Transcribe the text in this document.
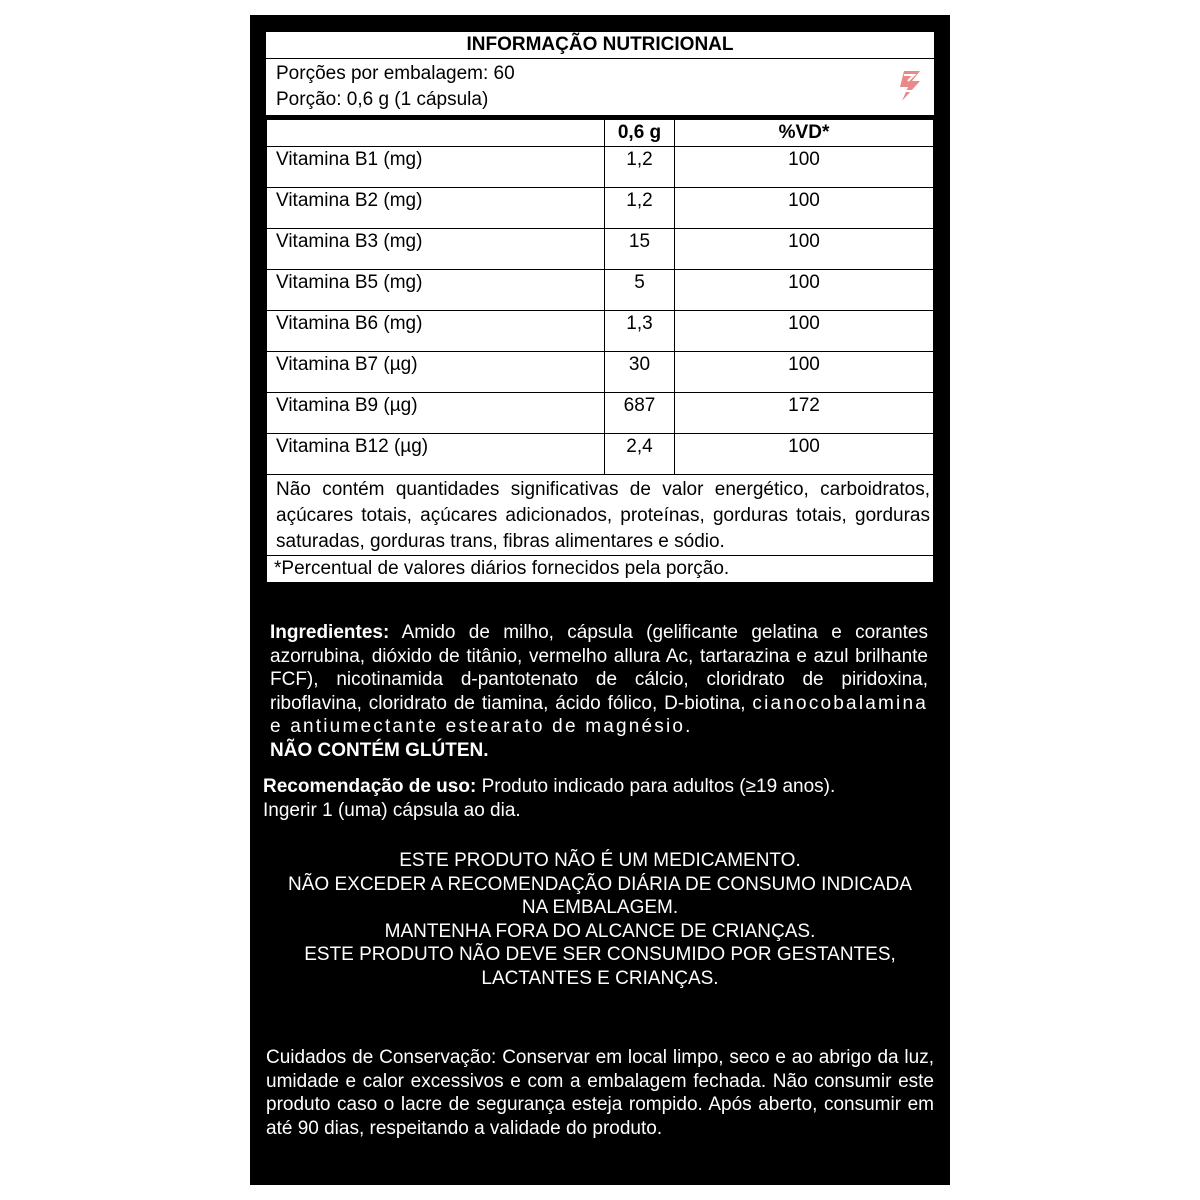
INFORMAÇÃO NUTRICIONAL
Porções por embalagem: 60
Porção: 0,6 g (1 cápsula)
	0,6 g	%VD*
Vitamina B1 (mg)	1,2	100
Vitamina B2 (mg)	1,2	100
Vitamina B3 (mg)	15	100
Vitamina B5 (mg)	5	100
Vitamina B6 (mg)	1,3	100
Vitamina B7 (µg)	30	100
Vitamina B9 (µg)	687	172
Vitamina B12 (µg)	2,4	100
Não contém quantidades significativas de valor energético, carboidratos, açúcares totais, açúcares adicionados, proteínas, gorduras totais, gorduras saturadas, gorduras trans, fibras alimentares e sódio.
*Percentual de valores diários fornecidos pela porção.
Ingredientes: Amido de milho, cápsula (gelificante gelatina e corantes azorrubina, dióxido de titânio, vermelho allura Ac, tartarazina e azul brilhante FCF), nicotinamida d-pantotenato de cálcio, cloridrato de piridoxina, riboflavina, cloridrato de tiamina, ácido fólico, D-biotina, cianocobalamina e antiumectante estearato de magnésio.
NÃO CONTÉM GLÚTEN.
Recomendação de uso: Produto indicado para adultos (≥19 anos).
Ingerir 1 (uma) cápsula ao dia.
ESTE PRODUTO NÃO É UM MEDICAMENTO.
NÃO EXCEDER A RECOMENDAÇÃO DIÁRIA DE CONSUMO INDICADA
NA EMBALAGEM.
MANTENHA FORA DO ALCANCE DE CRIANÇAS.
ESTE PRODUTO NÃO DEVE SER CONSUMIDO POR GESTANTES,
LACTANTES E CRIANÇAS.
Cuidados de Conservação: Conservar em local limpo, seco e ao abrigo da luz, umidade e calor excessivos e com a embalagem fechada. Não consumir este produto caso o lacre de segurança esteja rompido. Após aberto, consumir em até 90 dias, respeitando a validade do produto.
